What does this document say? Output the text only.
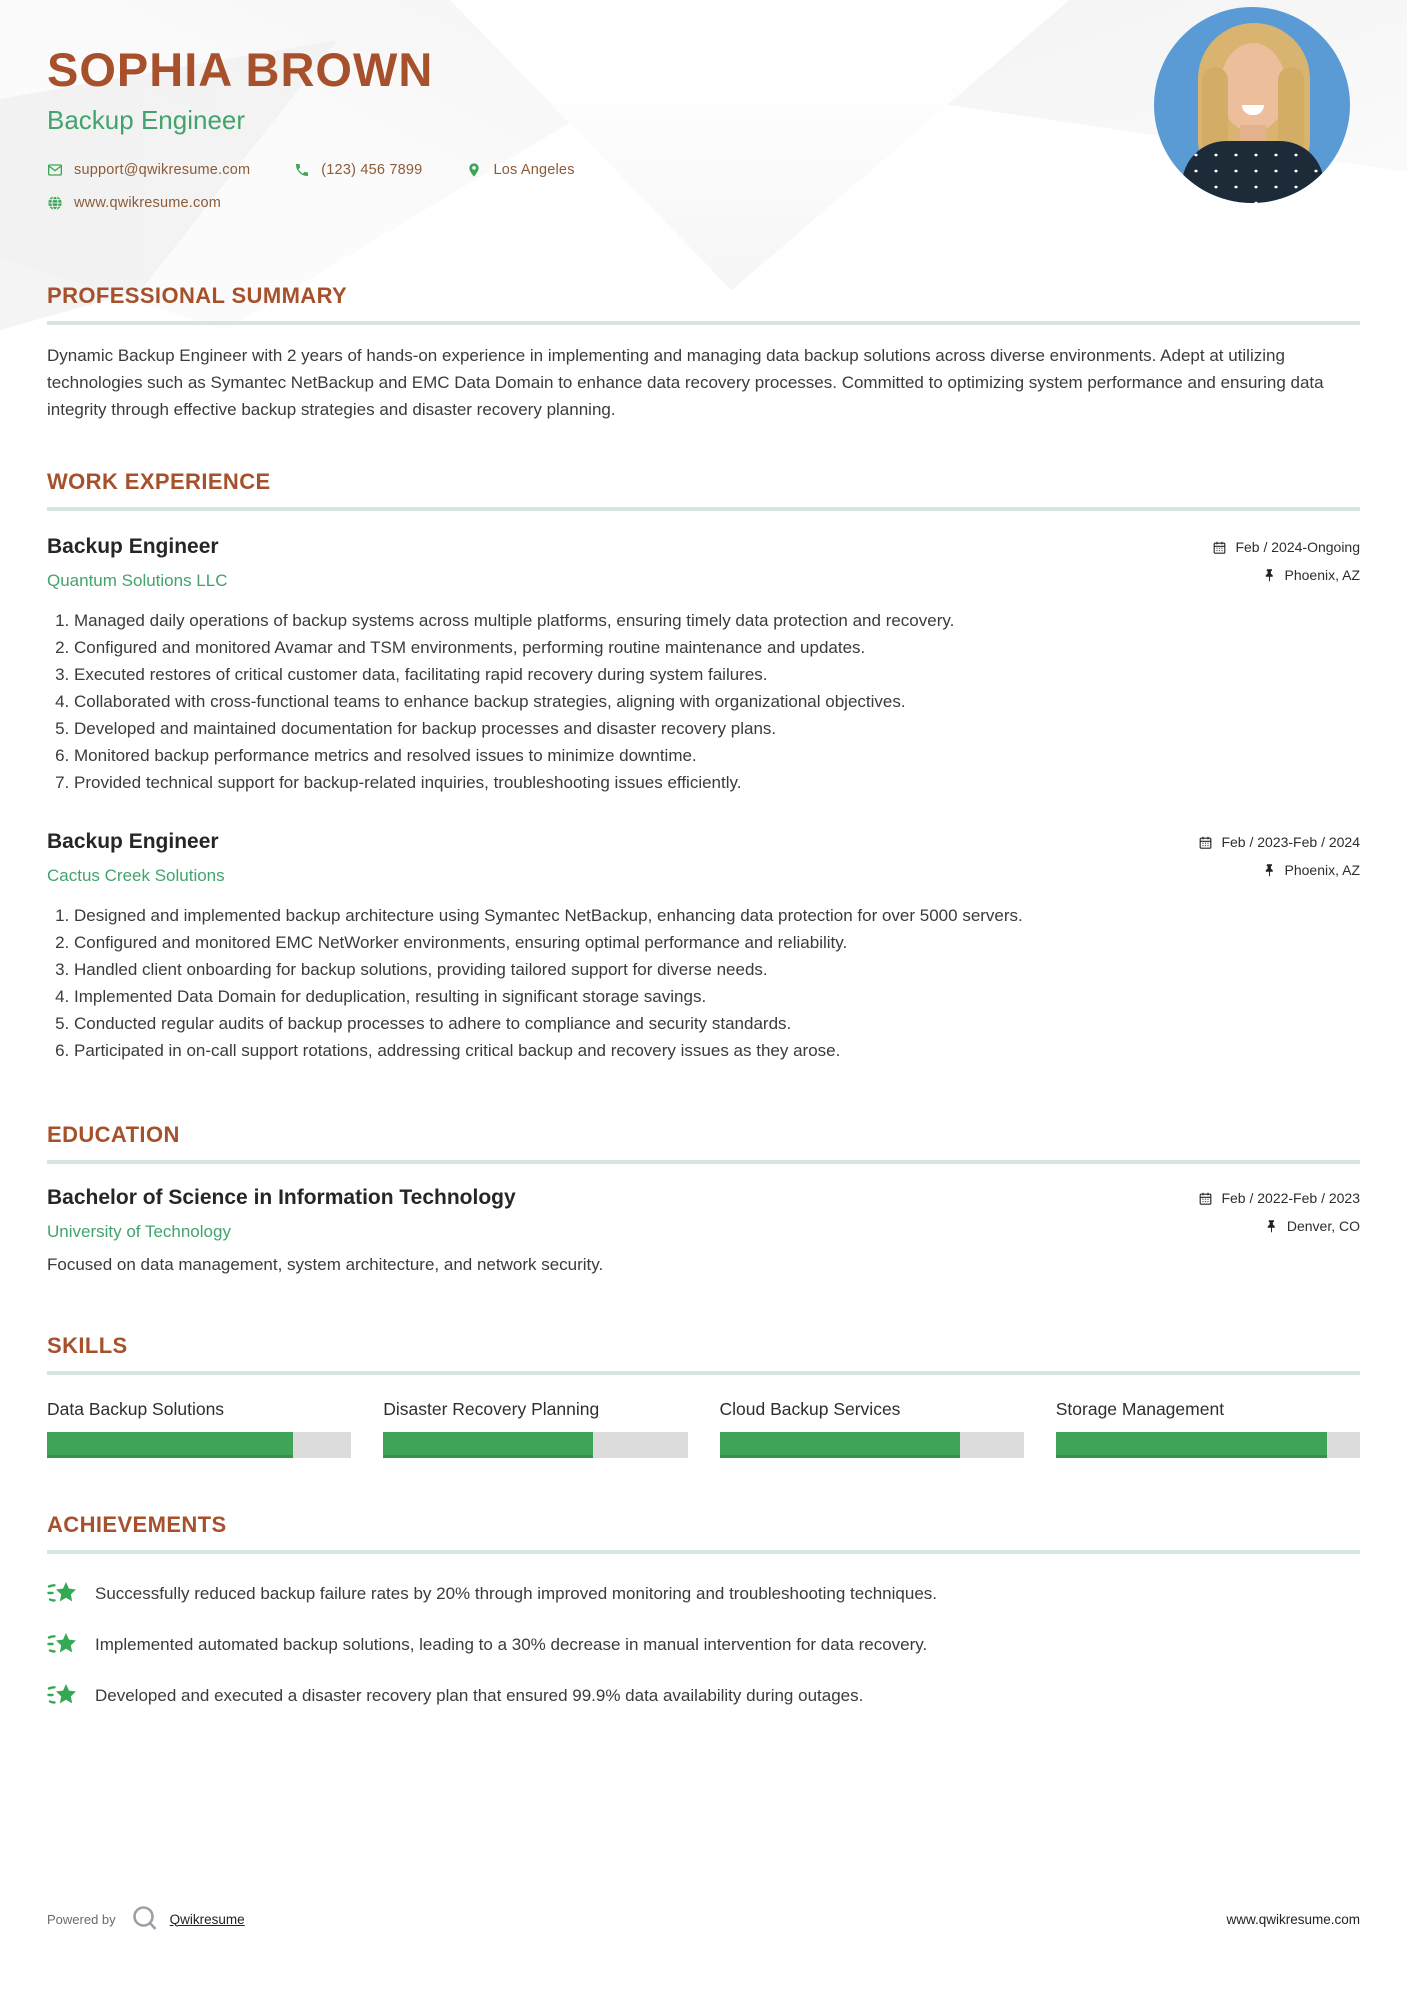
SOPHIA BROWN
Backup Engineer
support@qwikresume.com	(123) 456 7899	Los Angeles
www.qwikresume.com
PROFESSIONAL SUMMARY

Dynamic Backup Engineer with 2 years of hands-on experience in implementing and managing data backup solutions across diverse environments. Adept at utilizing technologies such as Symantec NetBackup and EMC Data Domain to enhance data recovery processes. Committed to optimizing system performance and ensuring data integrity through effective backup strategies and disaster recovery planning.

WORK EXPERIENCE
Backup Engineer	Feb / 2024-Ongoing
Quantum Solutions LLC	Phoenix, AZ
1. Managed daily operations of backup systems across multiple platforms, ensuring timely data protection and recovery.
2. Configured and monitored Avamar and TSM environments, performing routine maintenance and updates.
3. Executed restores of critical customer data, facilitating rapid recovery during system failures.
4. Collaborated with cross-functional teams to enhance backup strategies, aligning with organizational objectives.
5. Developed and maintained documentation for backup processes and disaster recovery plans.
6. Monitored backup performance metrics and resolved issues to minimize downtime.
7. Provided technical support for backup-related inquiries, troubleshooting issues efficiently.
Backup Engineer	Feb / 2023-Feb / 2024
Cactus Creek Solutions	Phoenix, AZ
1. Designed and implemented backup architecture using Symantec NetBackup, enhancing data protection for over 5000 servers.
2. Configured and monitored EMC NetWorker environments, ensuring optimal performance and reliability.
3. Handled client onboarding for backup solutions, providing tailored support for diverse needs.
4. Implemented Data Domain for deduplication, resulting in significant storage savings.
5. Conducted regular audits of backup processes to adhere to compliance and security standards.
6. Participated in on-call support rotations, addressing critical backup and recovery issues as they arose.
EDUCATION
Bachelor of Science in Information Technology	Feb / 2022-Feb / 2023
University of Technology	Denver, CO
Focused on data management, system architecture, and network security.
SKILLS
Data Backup Solutions	Disaster Recovery Planning	Cloud Backup Services	Storage Management
ACHIEVEMENTS
Successfully reduced backup failure rates by 20% through improved monitoring and troubleshooting techniques.
Implemented automated backup solutions, leading to a 30% decrease in manual intervention for data recovery.
Developed and executed a disaster recovery plan that ensured 99.9% data availability during outages.
Powered by	Qwikresume	www.qwikresume.com
